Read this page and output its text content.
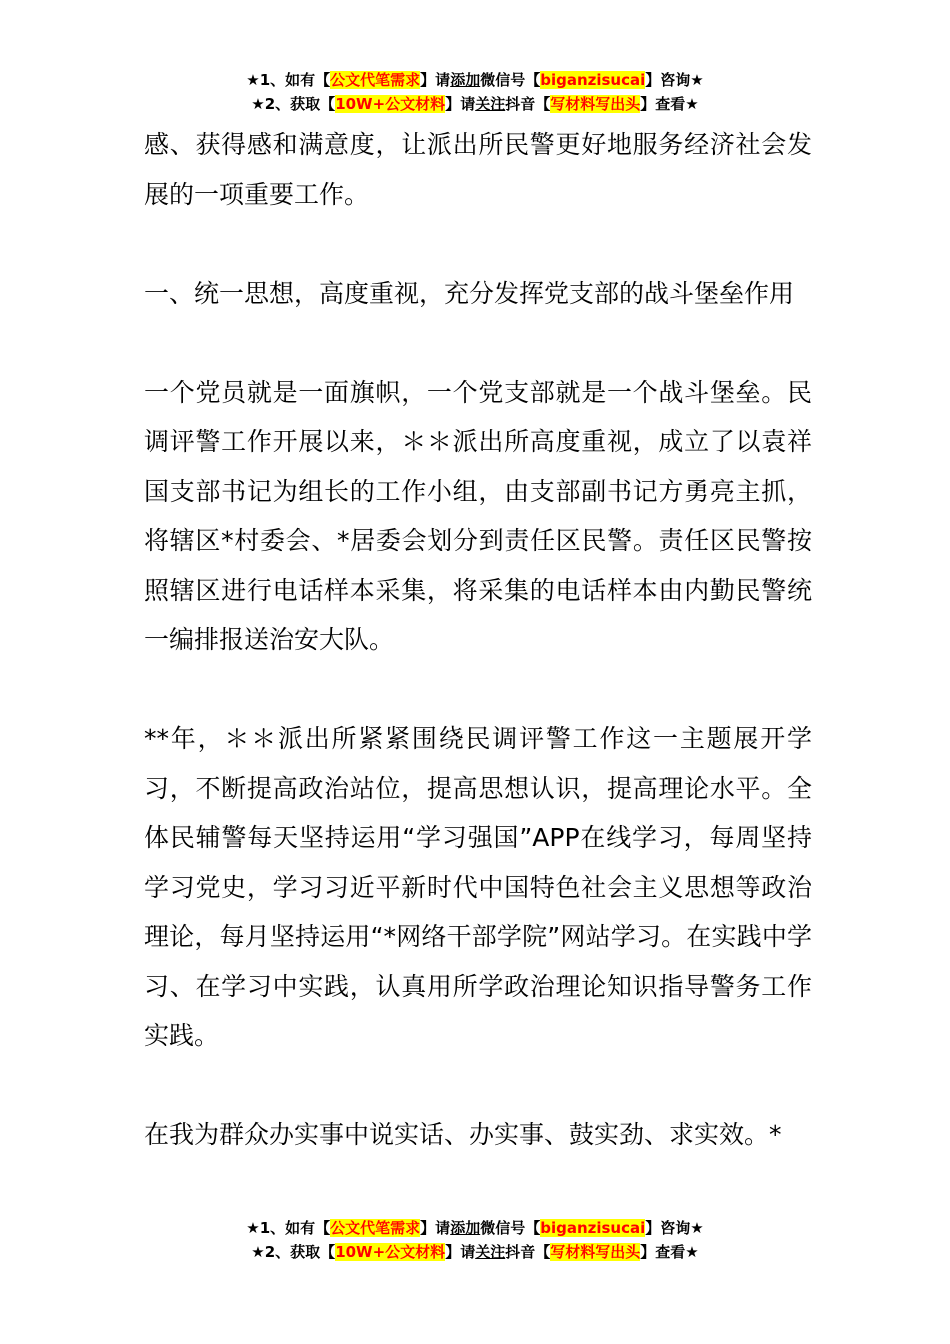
★1、如有【公文代笔需求】请添加微信号【biganzisucai】咨询★
★2、获取【10W+公文材料】请关注抖音【写材料写出头】查看★

感、获得感和满意度，让派出所民警更好地服务经济社会发展的一项重要工作。

一、统一思想，高度重视，充分发挥党支部的战斗堡垒作用

一个党员就是一面旗帜，一个党支部就是一个战斗堡垒。民调评警工作开展以来，＊＊派出所高度重视，成立了以袁祥国支部书记为组长的工作小组，由支部副书记方勇亮主抓，将辖区*村委会、*居委会划分到责任区民警。责任区民警按照辖区进行电话样本采集，将采集的电话样本由内勤民警统一编排报送治安大队。

**年，＊＊派出所紧紧围绕民调评警工作这一主题展开学习，不断提高政治站位，提高思想认识，提高理论水平。全体民辅警每天坚持运用“学习强国”APP在线学习，每周坚持学习党史，学习习近平新时代中国特色社会主义思想等政治理论，每月坚持运用“*网络干部学院”网站学习。在实践中学习、在学习中实践，认真用所学政治理论知识指导警务工作实践。

在我为群众办实事中说实话、办实事、鼓实劲、求实效。*

★1、如有【公文代笔需求】请添加微信号【biganzisucai】咨询★
★2、获取【10W+公文材料】请关注抖音【写材料写出头】查看★
